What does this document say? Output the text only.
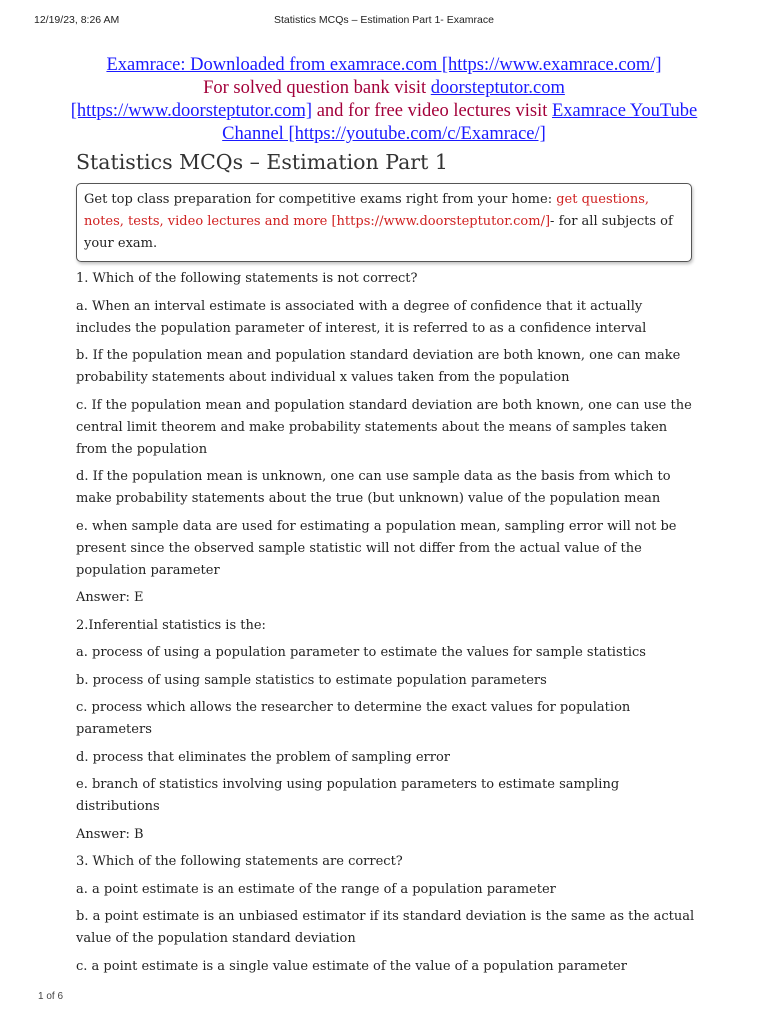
12/19/23, 8:26 AM	Statistics MCQs – Estimation Part 1- Examrace
Examrace: Downloaded from examrace.com [https://www.examrace.com/]
For solved question bank visit doorsteptutor.com
[https://www.doorsteptutor.com] and for free video lectures visit Examrace YouTube Channel [https://youtube.com/c/Examrace/]
Statistics MCQs – Estimation Part 1
Get top class preparation for competitive exams right from your home: get questions, notes, tests, video lectures and more [https://www.doorsteptutor.com/]- for all subjects of your exam.

1. Which of the following statements is not correct?

a. When an interval estimate is associated with a degree of confidence that it actually includes the population parameter of interest, it is referred to as a confidence interval

b. If the population mean and population standard deviation are both known, one can make probability statements about individual x values taken from the population

c. If the population mean and population standard deviation are both known, one can use the central limit theorem and make probability statements about the means of samples taken from the population

d. If the population mean is unknown, one can use sample data as the basis from which to make probability statements about the true (but unknown) value of the population mean

e. when sample data are used for estimating a population mean, sampling error will not be present since the observed sample statistic will not differ from the actual value of the population parameter

Answer: E

2.Inferential statistics is the:

a. process of using a population parameter to estimate the values for sample statistics

b. process of using sample statistics to estimate population parameters

c. process which allows the researcher to determine the exact values for population parameters

d. process that eliminates the problem of sampling error

e. branch of statistics involving using population parameters to estimate sampling distributions

Answer: B

3. Which of the following statements are correct?

a. a point estimate is an estimate of the range of a population parameter

b. a point estimate is an unbiased estimator if its standard deviation is the same as the actual value of the population standard deviation

c. a point estimate is a single value estimate of the value of a population parameter

1 of 6
